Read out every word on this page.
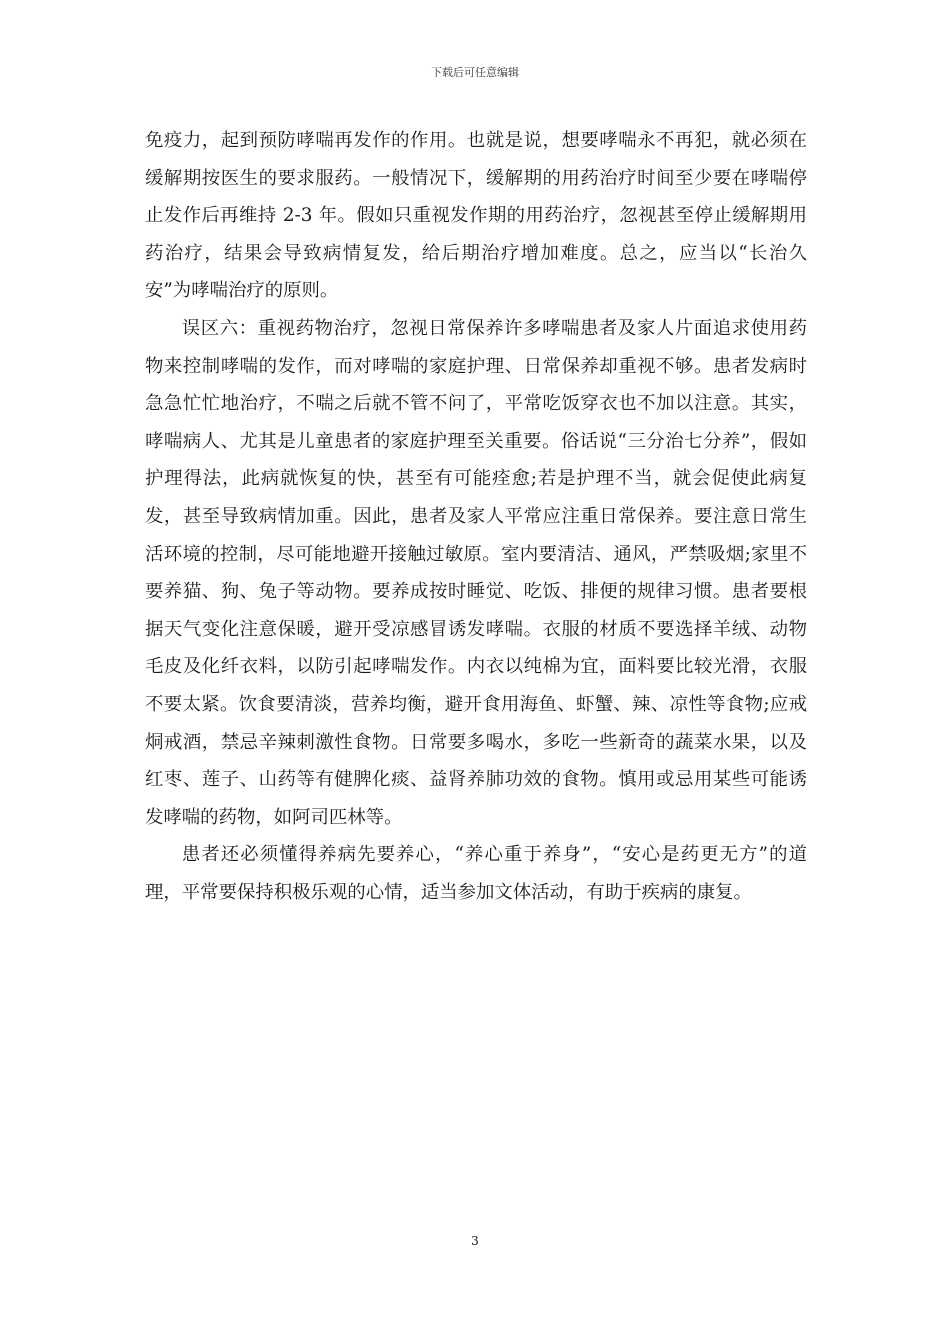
下载后可任意编辑

免疫力，起到预防哮喘再发作的作用。也就是说，想要哮喘永不再犯，就必须在缓解期按医生的要求服药。一般情况下，缓解期的用药治疗时间至少要在哮喘停止发作后再维持 2-3 年。假如只重视发作期的用药治疗，忽视甚至停止缓解期用药治疗，结果会导致病情复发，给后期治疗增加难度。总之，应当以“长治久安”为哮喘治疗的原则。

误区六：重视药物治疗，忽视日常保养许多哮喘患者及家人片面追求使用药物来控制哮喘的发作，而对哮喘的家庭护理、日常保养却重视不够。患者发病时急急忙忙地治疗，不喘之后就不管不问了，平常吃饭穿衣也不加以注意。其实，哮喘病人、尤其是儿童患者的家庭护理至关重要。俗话说“三分治七分养”，假如护理得法，此病就恢复的快，甚至有可能痊愈;若是护理不当，就会促使此病复发，甚至导致病情加重。因此，患者及家人平常应注重日常保养。要注意日常生活环境的控制，尽可能地避开接触过敏原。室内要清洁、通风，严禁吸烟;家里不要养猫、狗、兔子等动物。要养成按时睡觉、吃饭、排便的规律习惯。患者要根据天气变化注意保暖，避开受凉感冒诱发哮喘。衣服的材质不要选择羊绒、动物毛皮及化纤衣料，以防引起哮喘发作。内衣以纯棉为宜，面料要比较光滑，衣服不要太紧。饮食要清淡，营养均衡，避开食用海鱼、虾蟹、辣、凉性等食物;应戒烔戒酒，禁忌辛辣刺激性食物。日常要多喝水，多吃一些新奇的蔬菜水果，以及红枣、莲子、山药等有健脾化痰、益肾养肺功效的食物。慎用或忌用某些可能诱发哮喘的药物，如阿司匹林等。

患者还必须懂得养病先要养心，“养心重于养身”，“安心是药更无方”的道理，平常要保持积极乐观的心情，适当参加文体活动，有助于疾病的康复。

3
